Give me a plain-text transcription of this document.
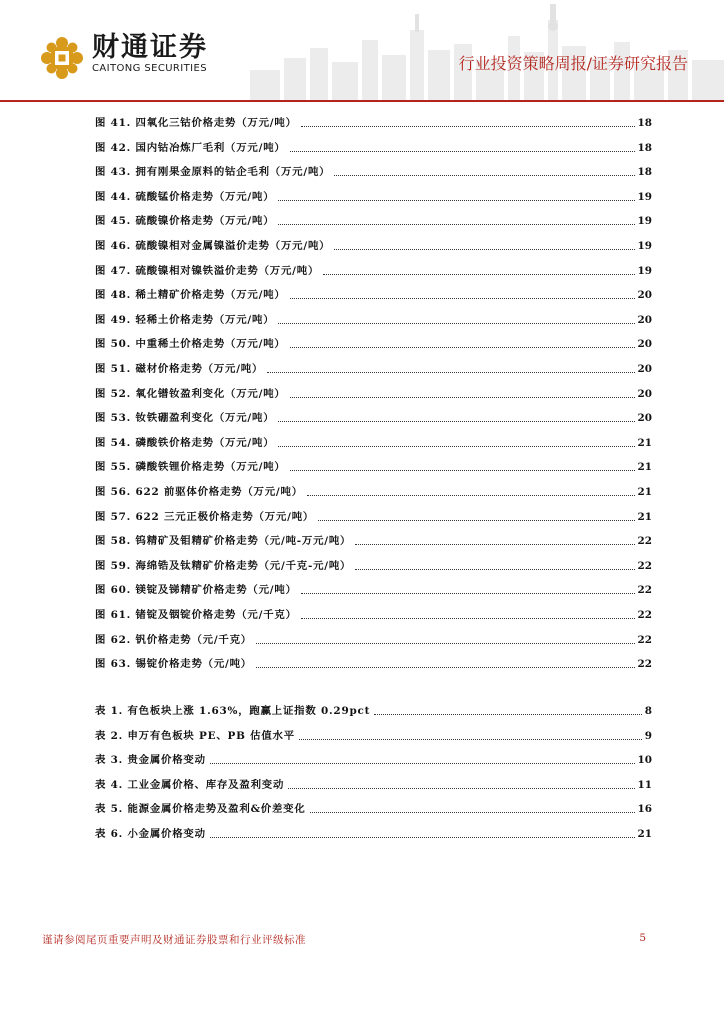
财通证券
CAITONG SECURITIES	行业投资策略周报/证券研究报告
图 41. 四氧化三钴价格走势（万元/吨）	18
图 42. 国内钴冶炼厂毛利（万元/吨）	18
图 43. 拥有刚果金原料的钴企毛利（万元/吨）	18
图 44. 硫酸锰价格走势（万元/吨）	19
图 45. 硫酸镍价格走势（万元/吨）	19
图 46. 硫酸镍相对金属镍溢价走势（万元/吨）	19
图 47. 硫酸镍相对镍铁溢价走势（万元/吨）	19
图 48. 稀土精矿价格走势（万元/吨）	20
图 49. 轻稀土价格走势（万元/吨）	20
图 50. 中重稀土价格走势（万元/吨）	20
图 51. 磁材价格走势（万元/吨）	20
图 52. 氧化镨钕盈利变化（万元/吨）	20
图 53. 钕铁硼盈利变化（万元/吨）	20
图 54. 磷酸铁价格走势（万元/吨）	21
图 55. 磷酸铁锂价格走势（万元/吨）	21
图 56. 622 前驱体价格走势（万元/吨）	21
图 57. 622 三元正极价格走势（万元/吨）	21
图 58. 钨精矿及钼精矿价格走势（元/吨-万元/吨）	22
图 59. 海绵锆及钛精矿价格走势（元/千克-元/吨）	22
图 60. 镁锭及锑精矿价格走势（元/吨）	22
图 61. 锗锭及铟锭价格走势（元/千克）	22
图 62. 钒价格走势（元/千克）	22
图 63. 锡锭价格走势（元/吨）	22
表 1. 有色板块上涨 1.63%，跑赢上证指数 0.29pct	8
表 2. 申万有色板块 PE、PB 估值水平	9
表 3. 贵金属价格变动	10
表 4. 工业金属价格、库存及盈利变动	11
表 5. 能源金属价格走势及盈利&价差变化	16
表 6. 小金属价格变动	21
谨请参阅尾页重要声明及财通证券股票和行业评级标准	5
